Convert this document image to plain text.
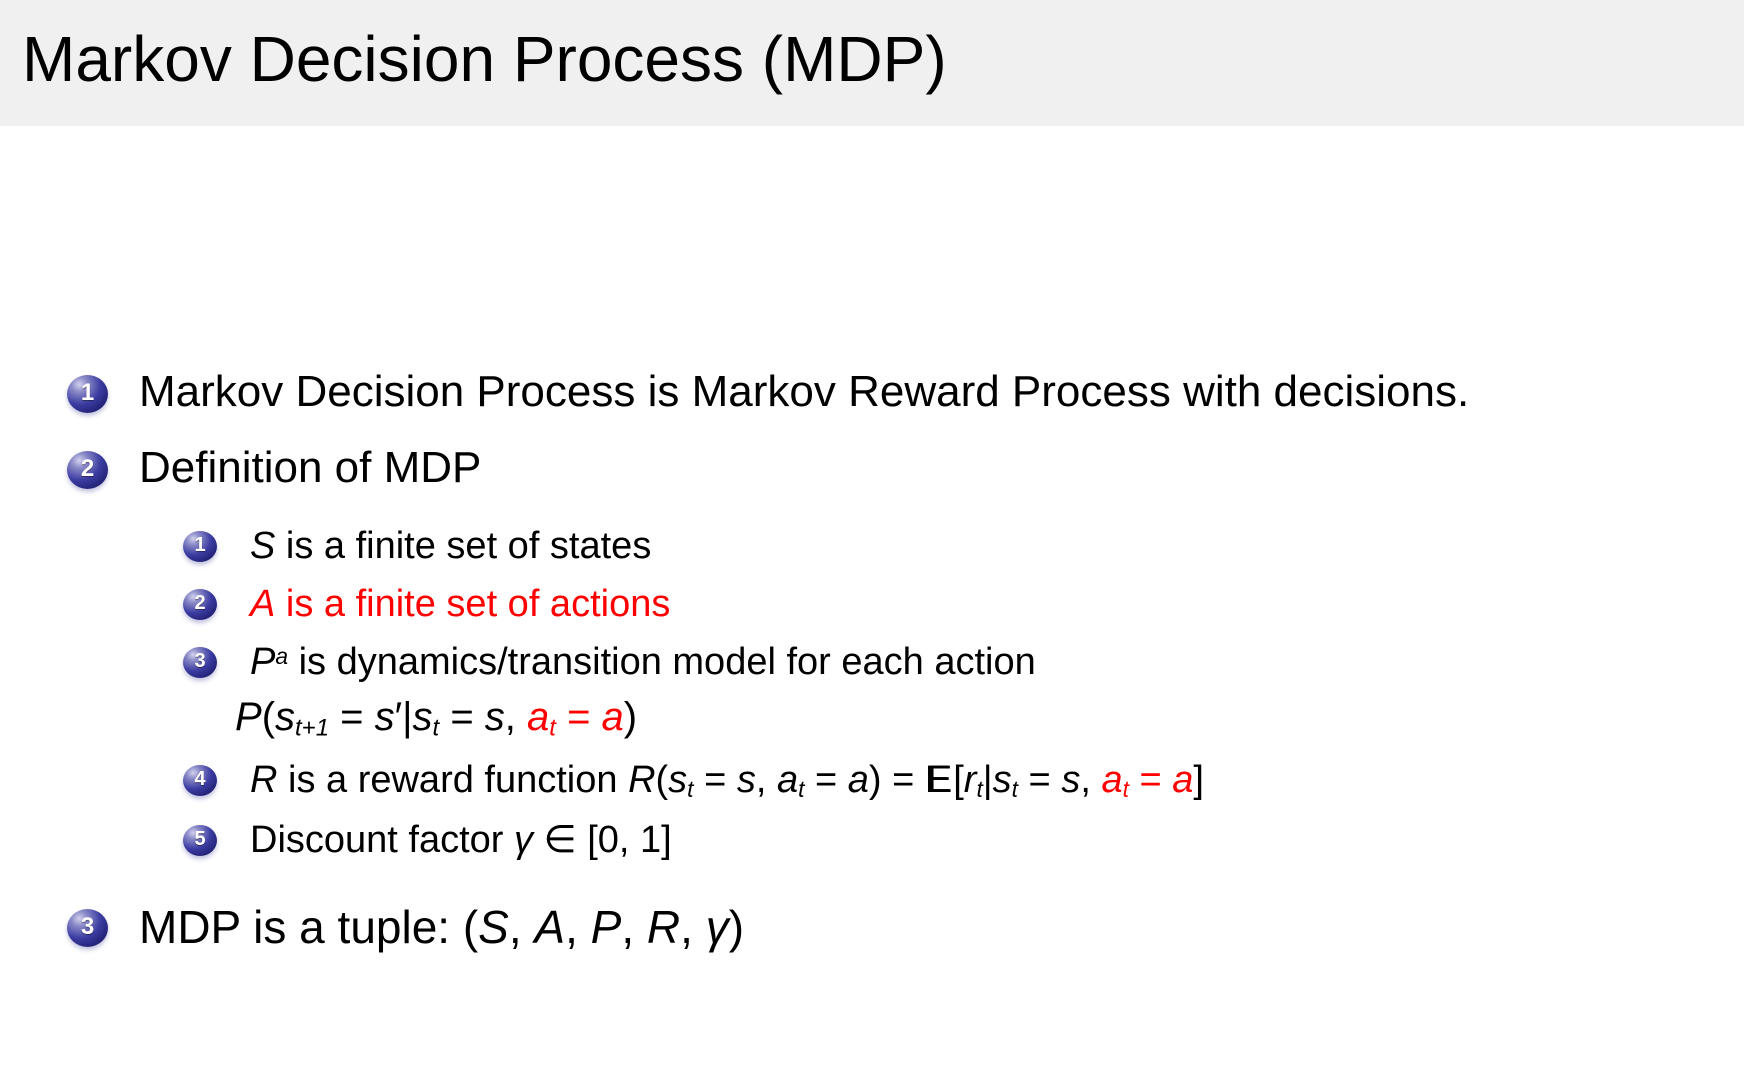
Markov Decision Process (MDP)
1 Markov Decision Process is Markov Reward Process with decisions.
2 Definition of MDP
1 S is a finite set of states
2 A is a finite set of actions
3 $P^a$ is dynamics/transition model for each action
P(st+1 = s′|st = s, at = a)
4 R is a reward function R(st = s, at = a) = E[rt|st = s, at = a]
5 Discount factor γ ∈ [0, 1]
3 MDP is a tuple: (S, A, P, R, γ)
